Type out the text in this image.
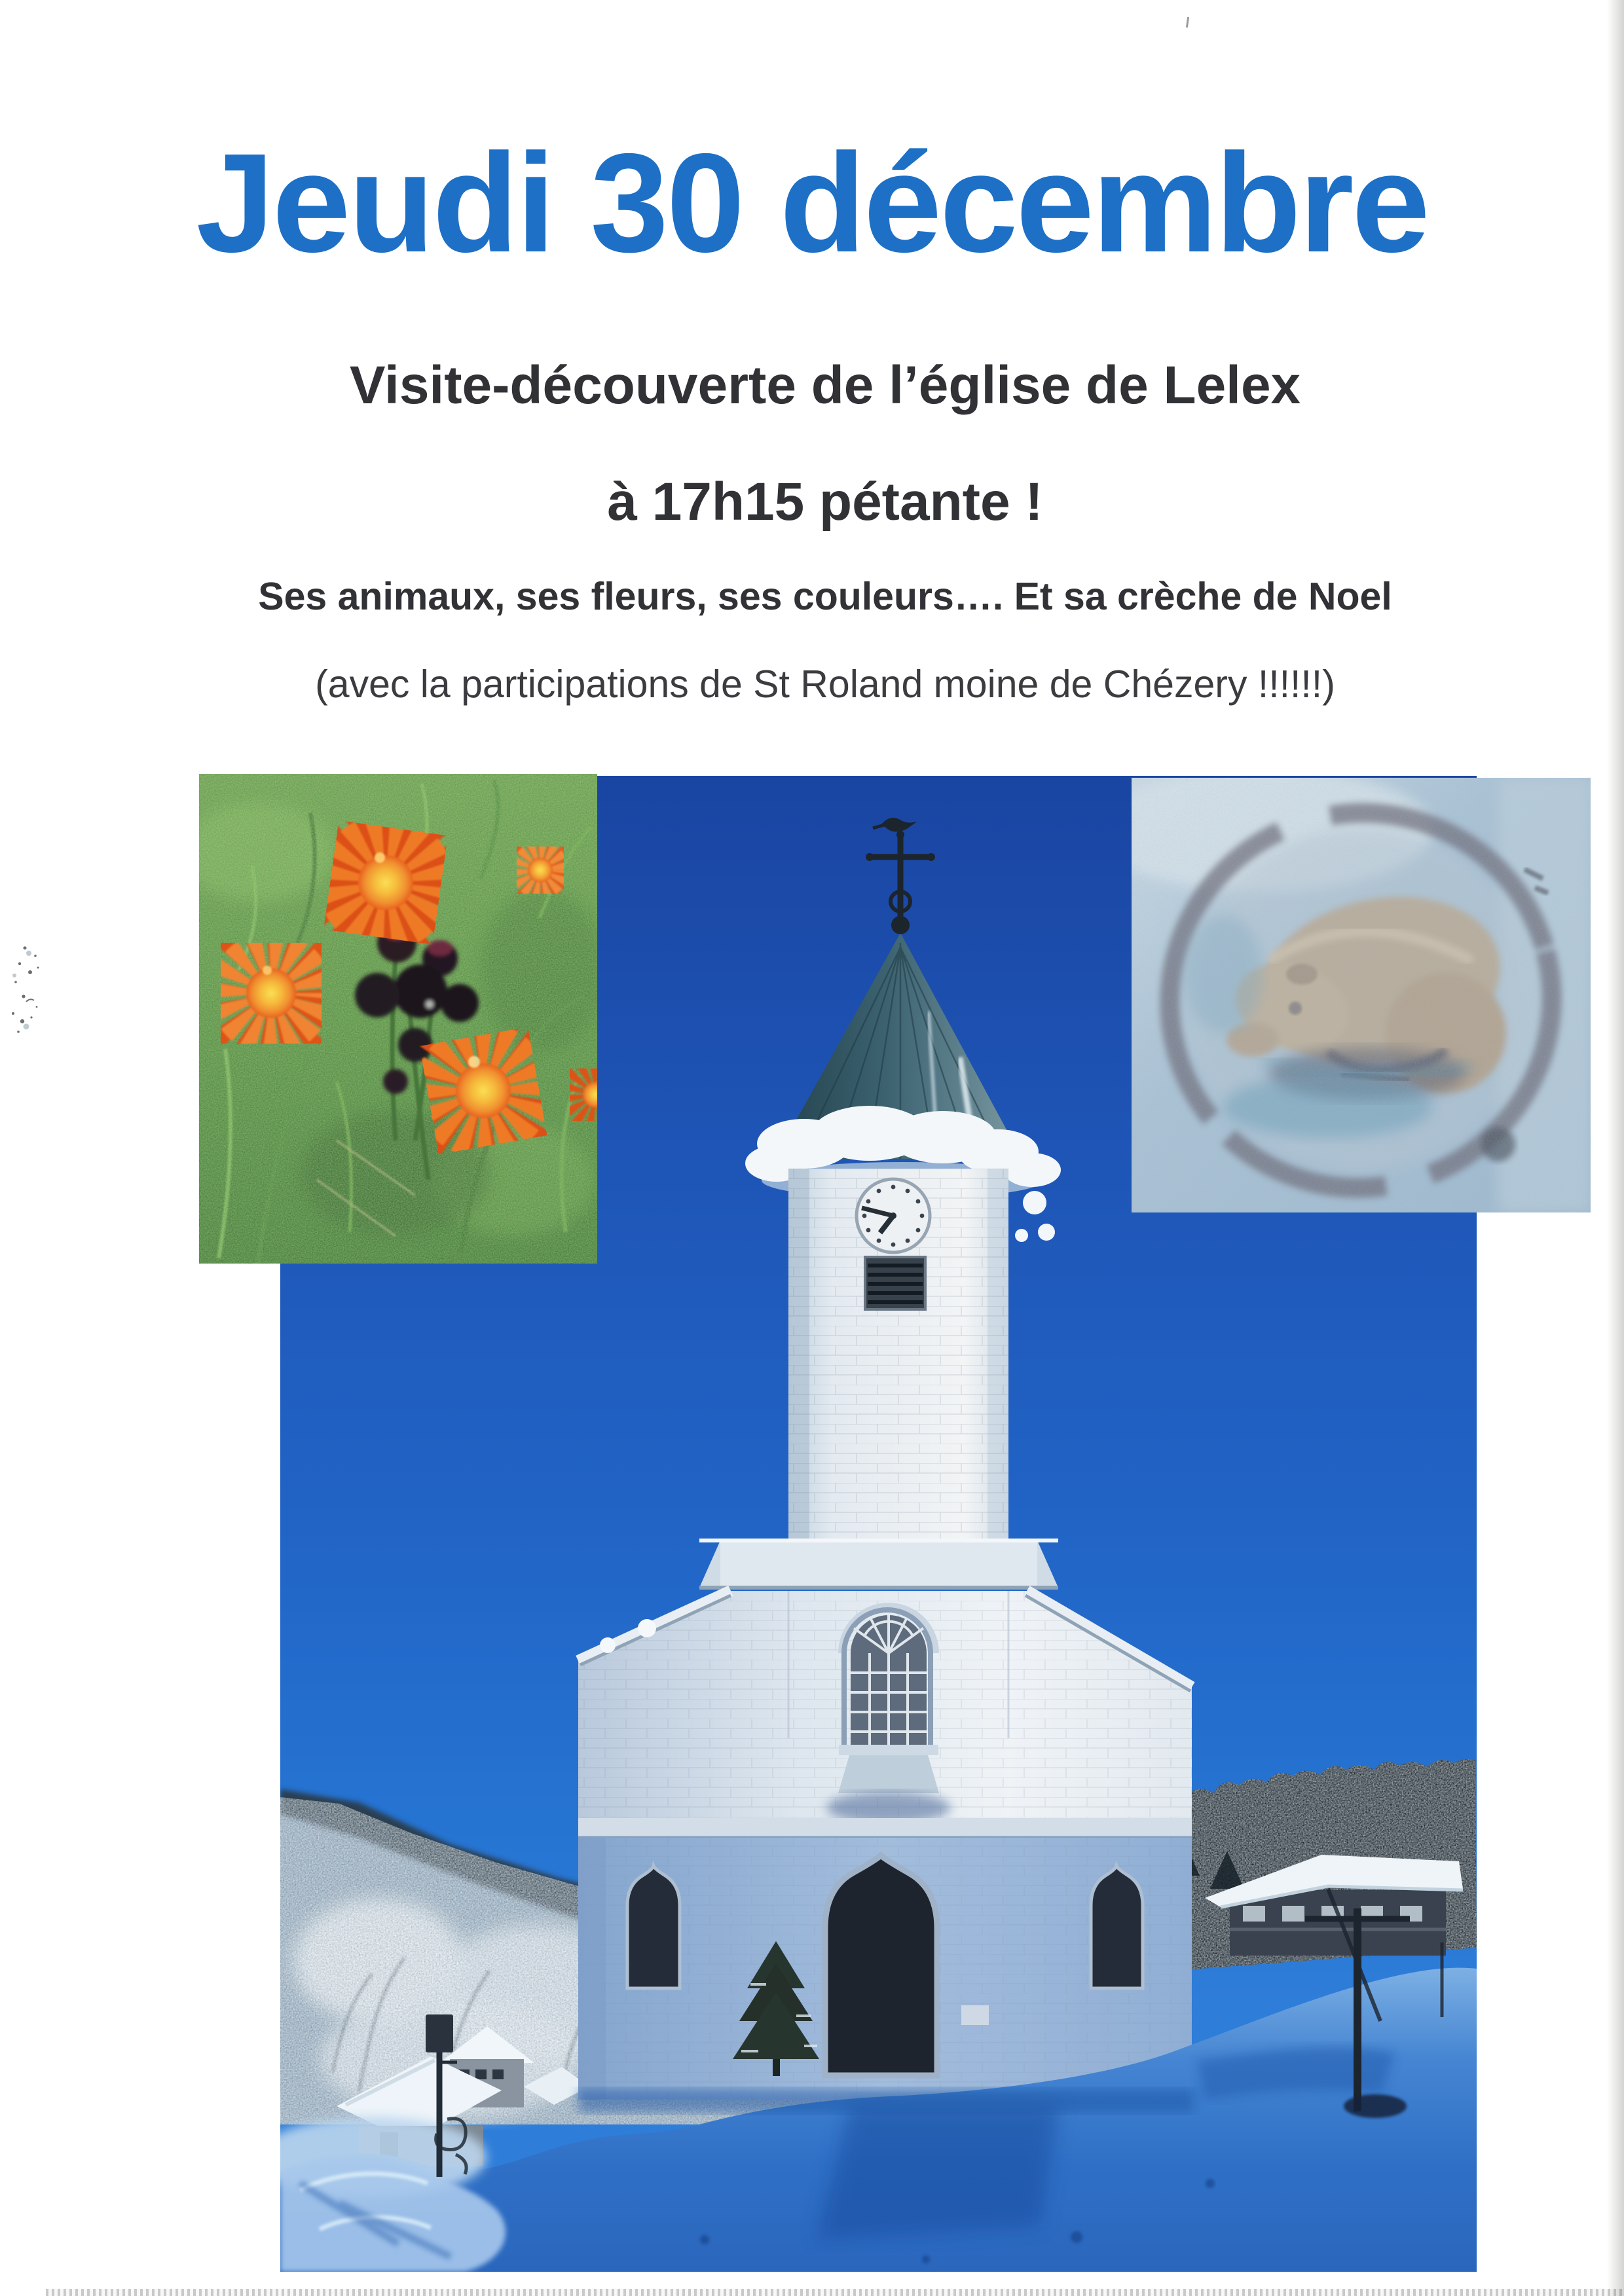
Jeudi 30 décembre
Visite-découverte de l’église de Lelex
à 17h15 pétante !
Ses animaux, ses fleurs, ses couleurs…. Et sa crèche de Noel
(avec la participations de St Roland moine de Chézery !!!!!!)
